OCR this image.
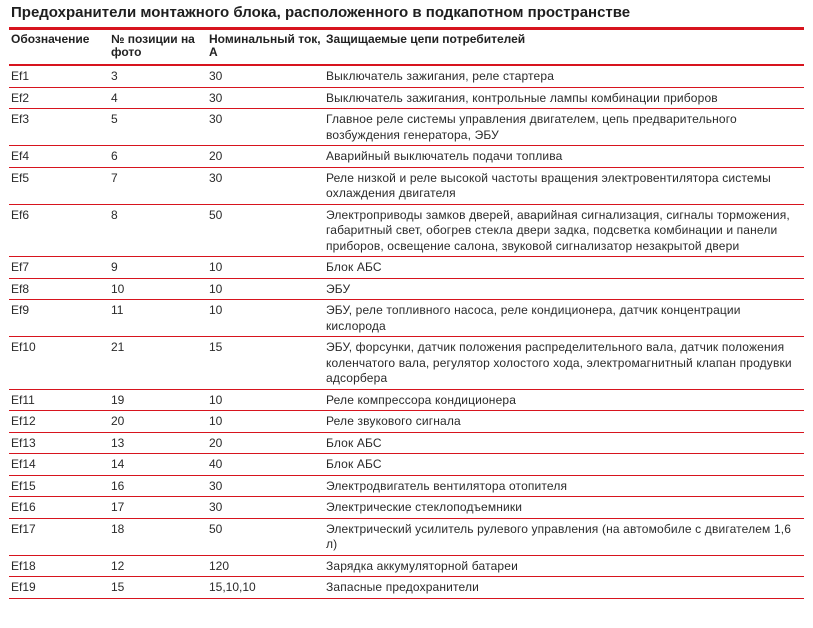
Предохранители монтажного блока, расположенного в подкапотном пространстве
Обозначение	№ позиции на фото	Номинальный ток, А	Защищаемые цепи потребителей
Ef1	3	30	Выключатель зажигания, реле стартера
Ef2	4	30	Выключатель зажигания, контрольные лампы комбинации приборов
Ef3	5	30	Главное реле системы управления двигателем, цепь предварительного возбуждения генератора, ЭБУ
Ef4	6	20	Аварийный выключатель подачи топлива
Ef5	7	30	Реле низкой и реле высокой частоты вращения электровентилятора системы охлаждения двигателя
Ef6	8	50	Электроприводы замков дверей, аварийная сигнализация, сигналы торможения, габаритный свет, обогрев стекла двери задка, подсветка комбинации и панели приборов, освещение салона, звуковой сигнализатор незакрытой двери
Ef7	9	10	Блок АБС
Ef8	10	10	ЭБУ
Ef9	11	10	ЭБУ, реле топливного насоса, реле кондиционера, датчик концентрации кислорода
Ef10	21	15	ЭБУ, форсунки, датчик положения распределительного вала, датчик положения коленчатого вала, регулятор холостого хода, электромагнитный клапан продувки адсорбера
Ef11	19	10	Реле компрессора кондиционера
Ef12	20	10	Реле звукового сигнала
Ef13	13	20	Блок АБС
Ef14	14	40	Блок АБС
Ef15	16	30	Электродвигатель вентилятора отопителя
Ef16	17	30	Электрические стеклоподъемники
Ef17	18	50	Электрический усилитель рулевого управления (на автомобиле с двигателем 1,6 л)
Ef18	12	120	Зарядка аккумуляторной батареи
Ef19	15	15,10,10	Запасные предохранители
